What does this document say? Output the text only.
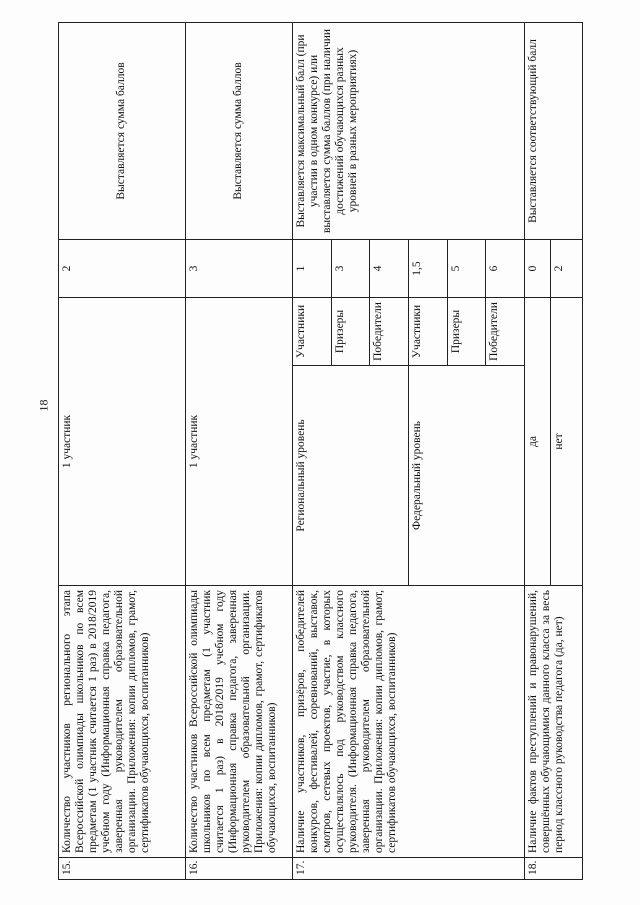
18
15.	Количество участников регионального этапа Всероссийской олимпиады школьников по всем предметам (1 участник считается 1 раз) в 2018/2019 учебном году (Информационная справка педагога, заверенная руководителем образовательной организации. Приложения: копии дипломов, грамот, сертификатов обучающихся, воспитанников)	1 участник		2	Выставляется сумма баллов
16.	Количество участников Всероссийской олимпиады школьников по всем предметам (1 участник считается 1 раз) в 2018/2019 учебном году (Информационная справка педагога, заверенная руководителем образовательной организации. Приложения: копии дипломов, грамот, сертификатов обучающихся, воспитанников)	1 участник		3	Выставляется сумма баллов
17.	Наличие участников, призёров, победителей конкурсов, фестивалей, соревнований, выставок, смотров, сетевых проектов, участие, в которых осуществлялось под руководством классного руководителя. (Информационная справка педагога, заверенная руководителем образовательной организации. Приложения: копии дипломов, грамот, сертификатов обучающихся, воспитанников)	Региональный уровень	Участники	1	Выставляется максимальный балл (при участии в одном конкурсе) или выставляется сумма баллов (при наличии достижений обучающихся разных уровней в разных мероприятиях)
			Призеры	3	
			Победители	4	
		Федеральный уровень	Участники	1,5	
			Призеры	5	
			Победители	6	
18.	Наличие фактов преступлений и правонарушений, совершённых обучающимися данного класса за весь период классного руководства педагога (да, нет)	да		0	Выставляется соответствующий балл
		нет		2	
